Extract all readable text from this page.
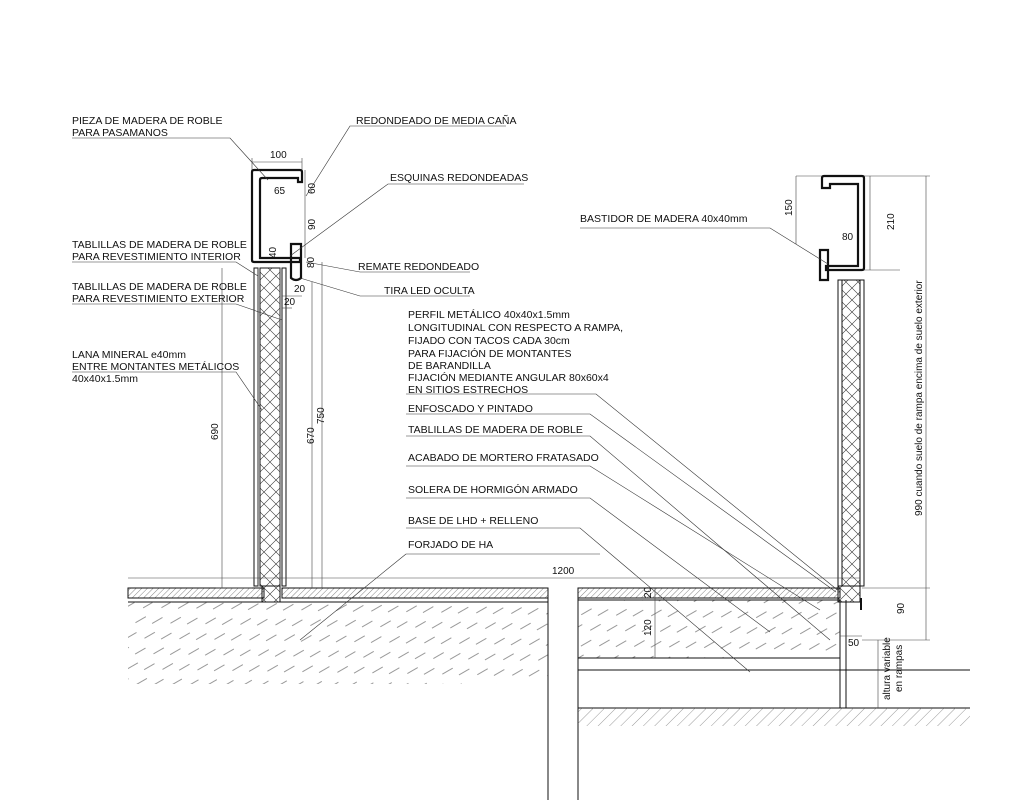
PIEZA DE MADERA DE ROBLE
PARA PASAMANOS
REDONDEADO DE MEDIA CAÑA
ESQUINAS REDONDEADAS
TABLILLAS DE MADERA DE ROBLE
PARA REVESTIMIENTO INTERIOR
TABLILLAS DE MADERA DE ROBLE
PARA REVESTIMIENTO EXTERIOR
REMATE REDONDEADO
TIRA LED OCULTA
LANA MINERAL e40mm
ENTRE MONTANTES METÁLICOS
40x40x1.5mm
BASTIDOR DE MADERA 40x40mm
PERFIL METÁLICO 40x40x1.5mm
LONGITUDINAL CON RESPECTO A RAMPA,
FIJADO CON TACOS CADA 30cm
PARA FIJACIÓN DE MONTANTES
DE BARANDILLA
FIJACIÓN MEDIANTE ANGULAR 80x60x4
EN SITIOS ESTRECHOS
ENFOSCADO Y PINTADO
TABLILLAS DE MADERA DE ROBLE
ACABADO DE MORTERO FRATASADO
SOLERA DE HORMIGÓN ARMADO
BASE DE LHD + RELLENO
FORJADO DE HA
100
65 60
90
40
80
20
20
690	670
750
1200
150
80
210
990 cuando suelo de rampa encima de suelo exterior
90
50
20
120
altura variable en rampas
